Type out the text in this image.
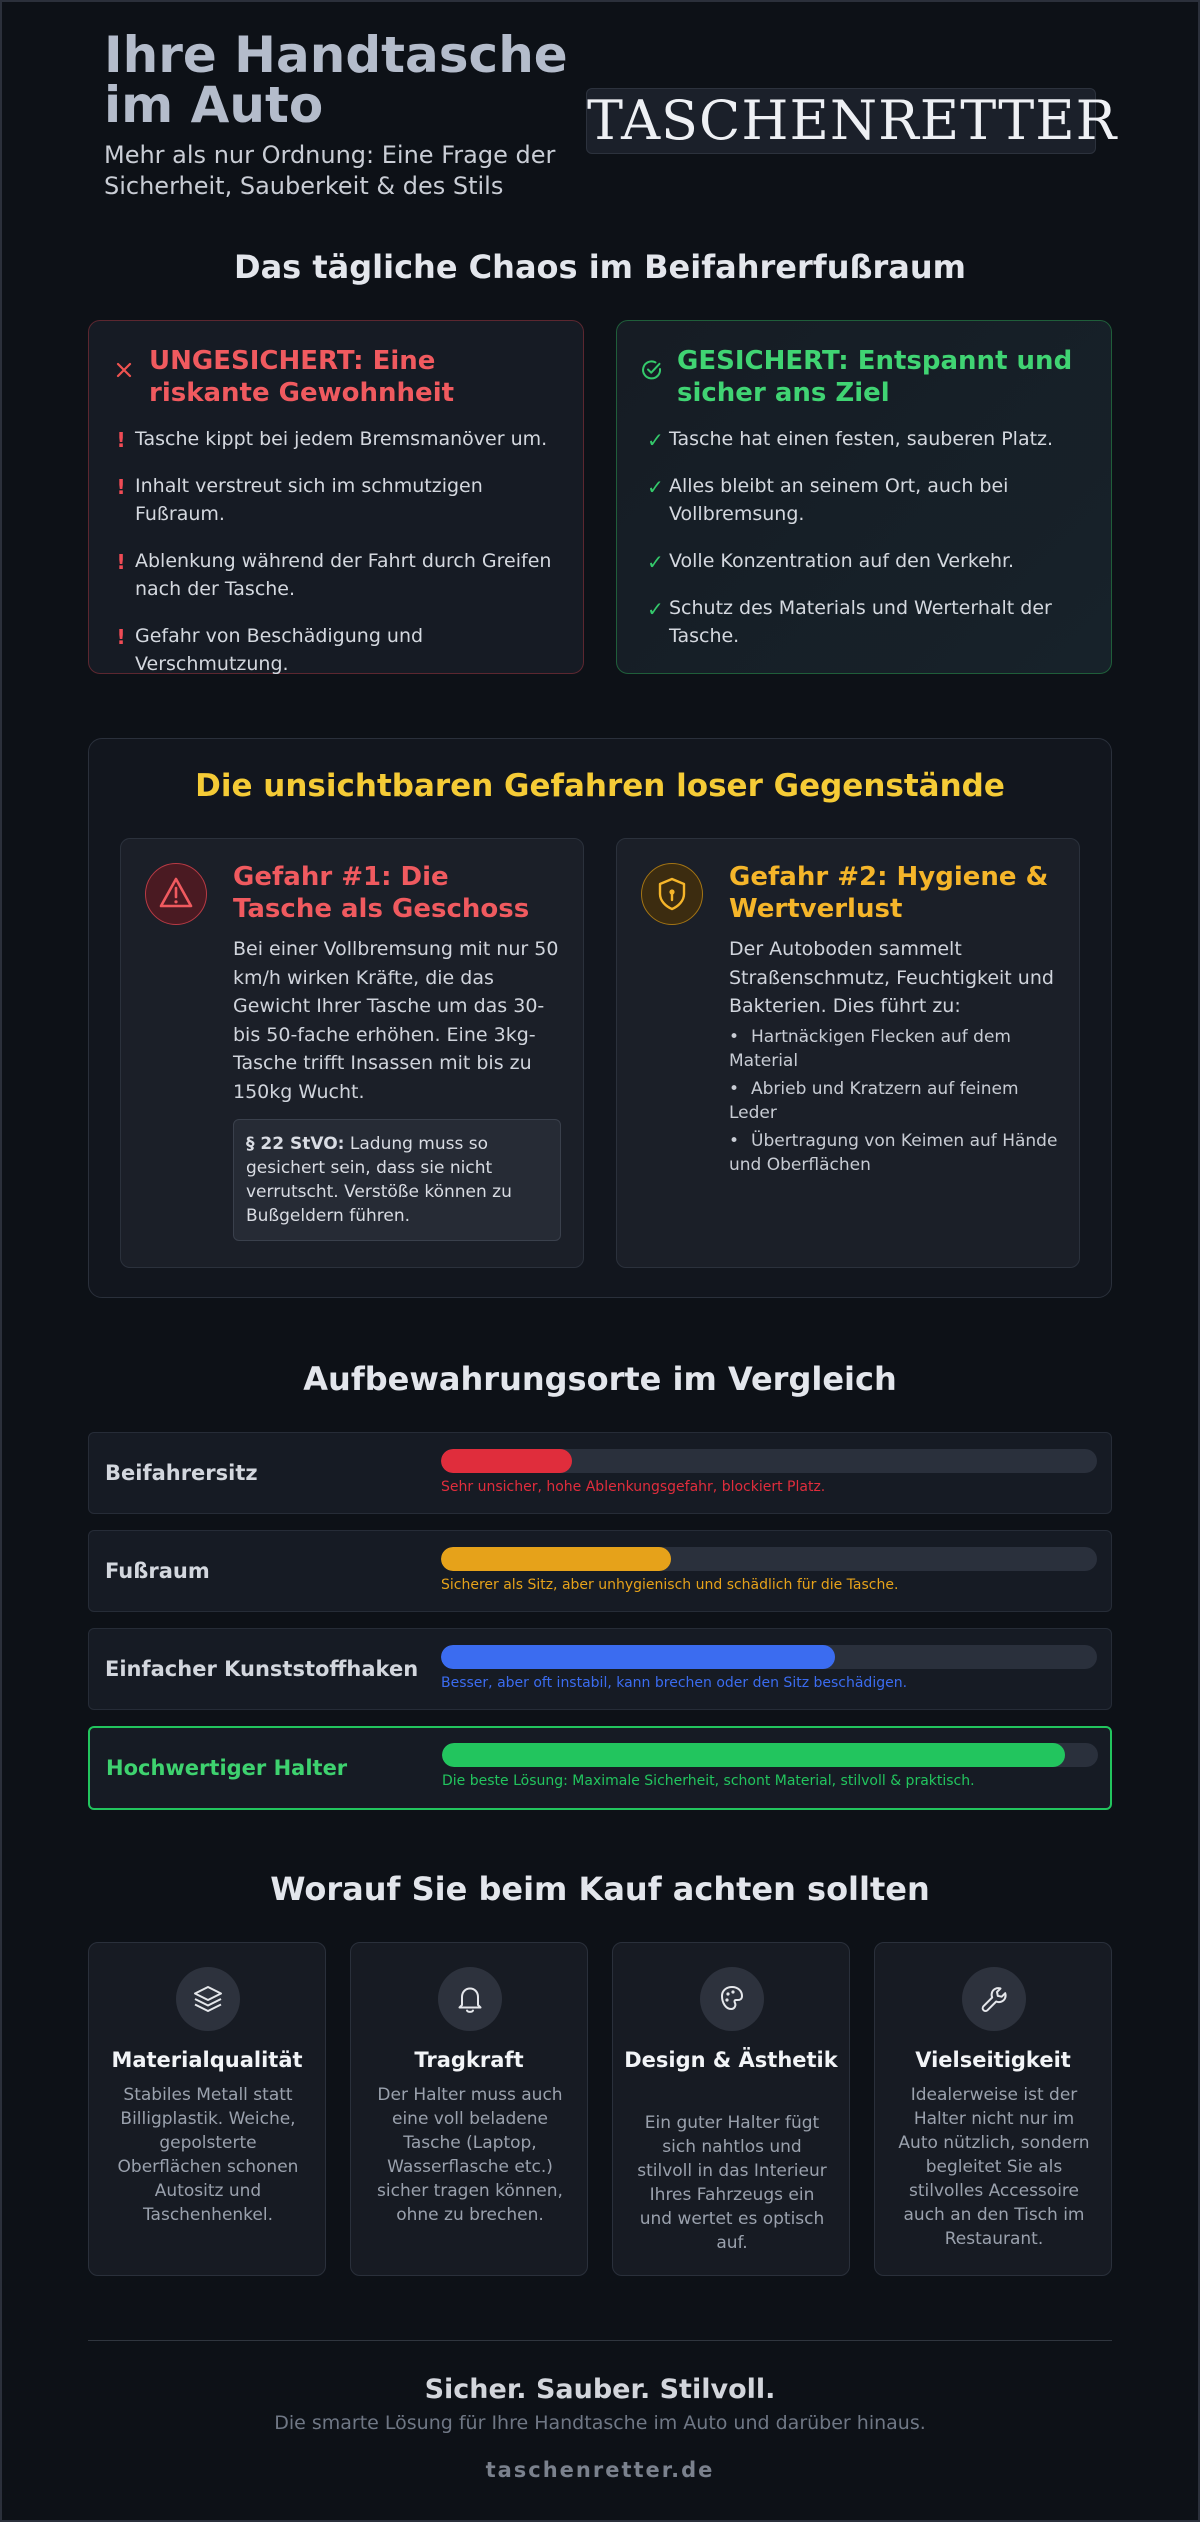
Ihre Handtasche im Auto
Mehr als nur Ordnung: Eine Frage der Sicherheit, Sauberkeit & des Stils
TASCHENRETTER
Das tägliche Chaos im Beifahrerfußraum
UNGESICHERT: Eine riskante Gewohnheit
! Tasche kippt bei jedem Bremsmanöver um.
! Inhalt verstreut sich im schmutzigen Fußraum.
! Ablenkung während der Fahrt durch Greifen nach der Tasche.
! Gefahr von Beschädigung und Verschmutzung.
GESICHERT: Entspannt und sicher ans Ziel
✓ Tasche hat einen festen, sauberen Platz.
✓ Alles bleibt an seinem Ort, auch bei Vollbremsung.
✓ Volle Konzentration auf den Verkehr.
✓ Schutz des Materials und Werterhalt der Tasche.
Die unsichtbaren Gefahren loser Gegenstände
Gefahr #1: Die Tasche als Geschoss
Bei einer Vollbremsung mit nur 50 km/h wirken Kräfte, die das Gewicht Ihrer Tasche um das 30- bis 50-fache erhöhen. Eine 3kg-Tasche trifft Insassen mit bis zu 150kg Wucht.
§ 22 StVO: Ladung muss so gesichert sein, dass sie nicht verrutscht. Verstöße können zu Bußgeldern führen.
Gefahr #2: Hygiene & Wertverlust
Der Autoboden sammelt Straßenschmutz, Feuchtigkeit und Bakterien. Dies führt zu:
• Hartnäckigen Flecken auf dem Material
• Abrieb und Kratzern auf feinem Leder
• Übertragung von Keimen auf Hände und Oberflächen
Aufbewahrungsorte im Vergleich
Beifahrersitz
Sehr unsicher, hohe Ablenkungsgefahr, blockiert Platz.
Fußraum
Sicherer als Sitz, aber unhygienisch und schädlich für die Tasche.
Einfacher Kunststoffhaken
Besser, aber oft instabil, kann brechen oder den Sitz beschädigen.
Hochwertiger Halter
Die beste Lösung: Maximale Sicherheit, schont Material, stilvoll & praktisch.
Worauf Sie beim Kauf achten sollten
Materialqualität
Stabiles Metall statt Billigplastik. Weiche, gepolsterte Oberflächen schonen Autositz und Taschenhenkel.
Tragkraft
Der Halter muss auch eine voll beladene Tasche (Laptop, Wasserflasche etc.) sicher tragen können, ohne zu brechen.
Design & Ästhetik
Ein guter Halter fügt sich nahtlos und stilvoll in das Interieur Ihres Fahrzeugs ein und wertet es optisch auf.
Vielseitigkeit
Idealerweise ist der Halter nicht nur im Auto nützlich, sondern begleitet Sie als stilvolles Accessoire auch an den Tisch im Restaurant.
Sicher. Sauber. Stilvoll.
Die smarte Lösung für Ihre Handtasche im Auto und darüber hinaus.
taschenretter.de
